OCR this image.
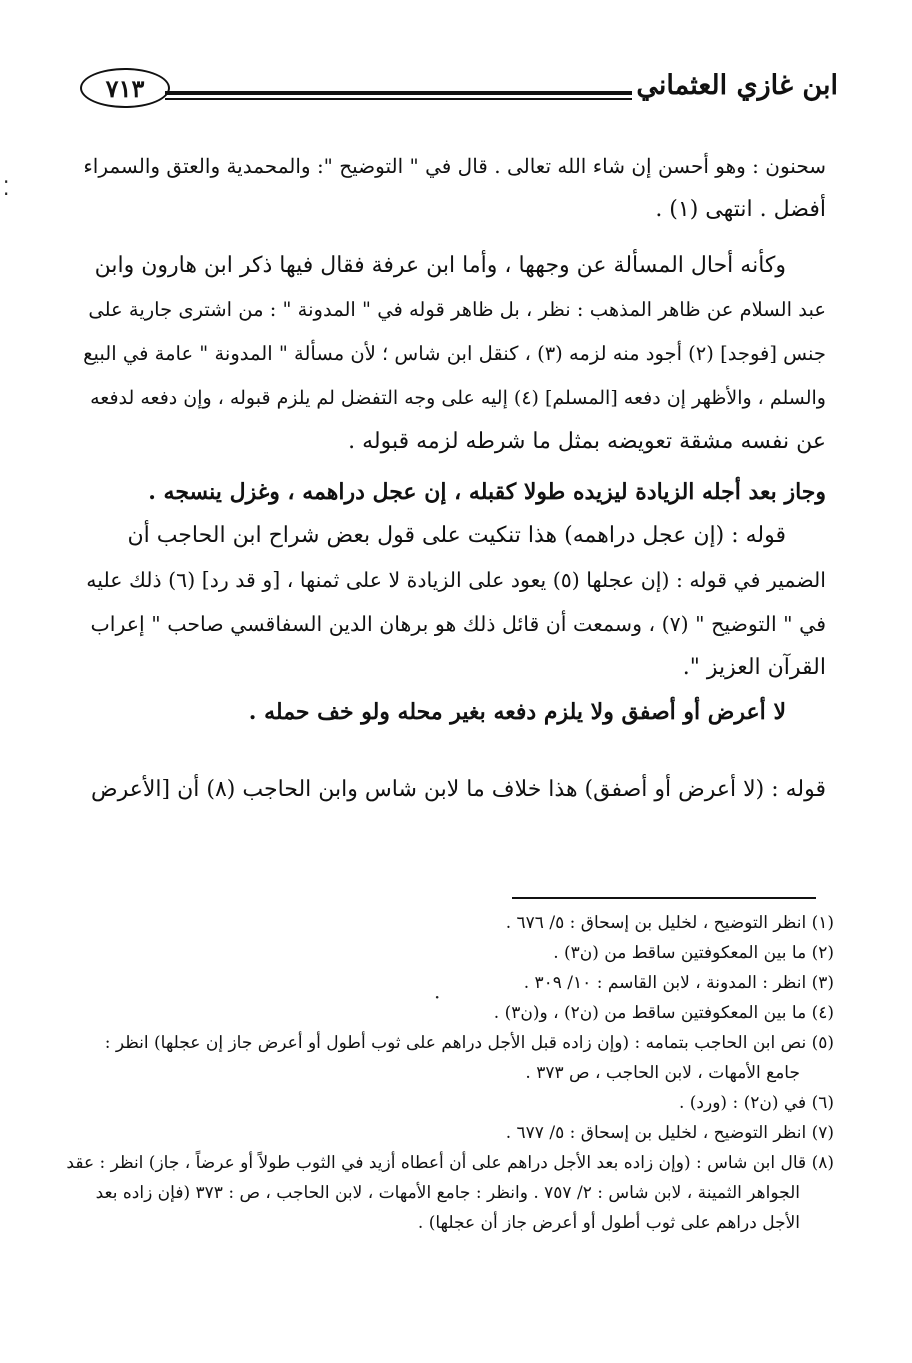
ابن غازي العثماني
٧١٣
سحنون : وهو أحسن إن شاء الله تعالى . قال في " التوضيح ": والمحمدية والعتق والسمراء
أفضل . انتهى (١) .
وكأنه أحال المسألة عن وجهها ، وأما ابن عرفة فقال فيها ذكر ابن هارون وابن
عبد السلام عن ظاهر المذهب : نظر ، بل ظاهر قوله في " المدونة " : من اشترى جارية على
جنس [فوجد] (٢) أجود منه لزمه (٣) ، كنقل ابن شاس ؛ لأن مسألة " المدونة " عامة في البيع
والسلم ، والأظهر إن دفعه [المسلم] (٤) إليه على وجه التفضل لم يلزم قبوله ، وإن دفعه لدفعه
عن نفسه مشقة تعويضه بمثل ما شرطه لزمه قبوله .
وجاز بعد أجله الزيادة ليزيده طولا كقبله ، إن عجل دراهمه ، وغزل ينسجه .
قوله : (إن عجل دراهمه) هذا تنكيت على قول بعض شراح ابن الحاجب أن
الضمير في قوله : (إن عجلها (٥) يعود على الزيادة لا على ثمنها ، [و قد رد] (٦) ذلك عليه
في " التوضيح " (٧) ، وسمعت أن قائل ذلك هو برهان الدين السفاقسي صاحب " إعراب
القرآن العزيز ".
لا أعرض أو أصفق ولا يلزم دفعه بغير محله ولو خف حمله .
قوله : (لا أعرض أو أصفق) هذا خلاف ما لابن شاس وابن الحاجب (٨) أن [الأعرض
(١) انظر التوضيح ، لخليل بن إسحاق : ٥/ ٦٧٦ .
(٢) ما بين المعكوفتين ساقط من (ن٣) .
(٣) انظر : المدونة ، لابن القاسم : ١٠/ ٣٠٩ .
(٤) ما بين المعكوفتين ساقط من (ن٢) ، و(ن٣) .
(٥) نص ابن الحاجب بتمامه : (وإن زاده قبل الأجل دراهم على ثوب أطول أو أعرض جاز إن عجلها) انظر :
جامع الأمهات ، لابن الحاجب ، ص ٣٧٣ .
(٦) في (ن٢) : (ورد) .
(٧) انظر التوضيح ، لخليل بن إسحاق : ٥/ ٦٧٧ .
(٨) قال ابن شاس : (وإن زاده بعد الأجل دراهم على أن أعطاه أزيد في الثوب طولاً أو عرضاً ، جاز) انظر : عقد
الجواهر الثمينة ، لابن شاس : ٢/ ٧٥٧ . وانظر : جامع الأمهات ، لابن الحاجب ، ص : ٣٧٣ (فإن زاده بعد
الأجل دراهم على ثوب أطول أو أعرض جاز أن عجلها) .
⁚
·
